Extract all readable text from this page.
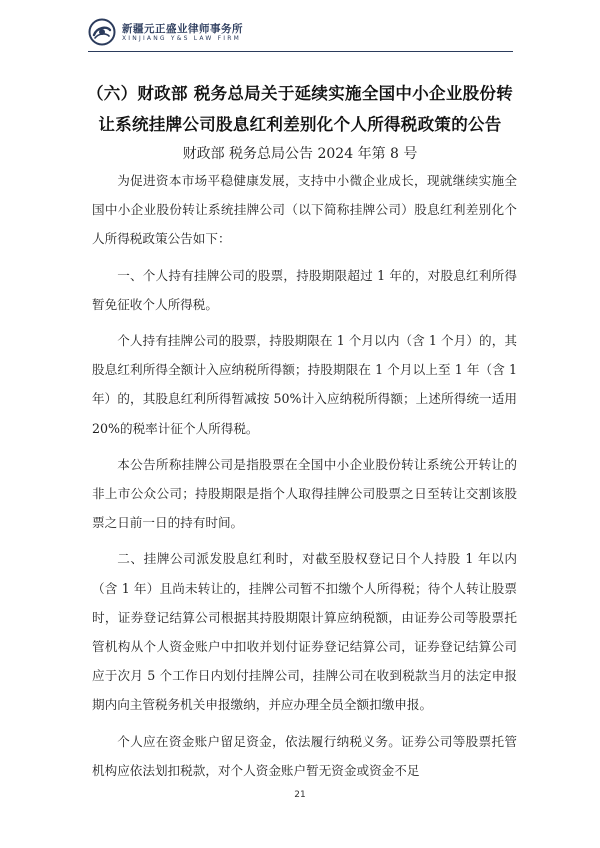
新疆元正盛业律师事务所
XINJIANG Y&S LAW FIRM
（六）财政部 税务总局关于延续实施全国中小企业股份转
让系统挂牌公司股息红利差别化个人所得税政策的公告
财政部 税务总局公告 2024 年第 8 号

为促进资本市场平稳健康发展，支持中小微企业成长，现就继续实施全国中小企业股份转让系统挂牌公司（以下简称挂牌公司）股息红利差别化个人所得税政策公告如下：

一、个人持有挂牌公司的股票，持股期限超过 1 年的，对股息红利所得暂免征收个人所得税。

个人持有挂牌公司的股票，持股期限在 1 个月以内（含 1 个月）的，其股息红利所得全额计入应纳税所得额；持股期限在 1 个月以上至 1 年（含 1 年）的，其股息红利所得暂减按 50%计入应纳税所得额；上述所得统一适用 20%的税率计征个人所得税。

本公告所称挂牌公司是指股票在全国中小企业股份转让系统公开转让的非上市公众公司；持股期限是指个人取得挂牌公司股票之日至转让交割该股票之日前一日的持有时间。

二、挂牌公司派发股息红利时，对截至股权登记日个人持股 1 年以内（含 1 年）且尚未转让的，挂牌公司暂不扣缴个人所得税；待个人转让股票时，证券登记结算公司根据其持股期限计算应纳税额，由证券公司等股票托管机构从个人资金账户中扣收并划付证券登记结算公司，证券登记结算公司应于次月 5 个工作日内划付挂牌公司，挂牌公司在收到税款当月的法定申报期内向主管税务机关申报缴纳，并应办理全员全额扣缴申报。

个人应在资金账户留足资金，依法履行纳税义务。证券公司等股票托管机构应依法划扣税款，对个人资金账户暂无资金或资金不足

21
